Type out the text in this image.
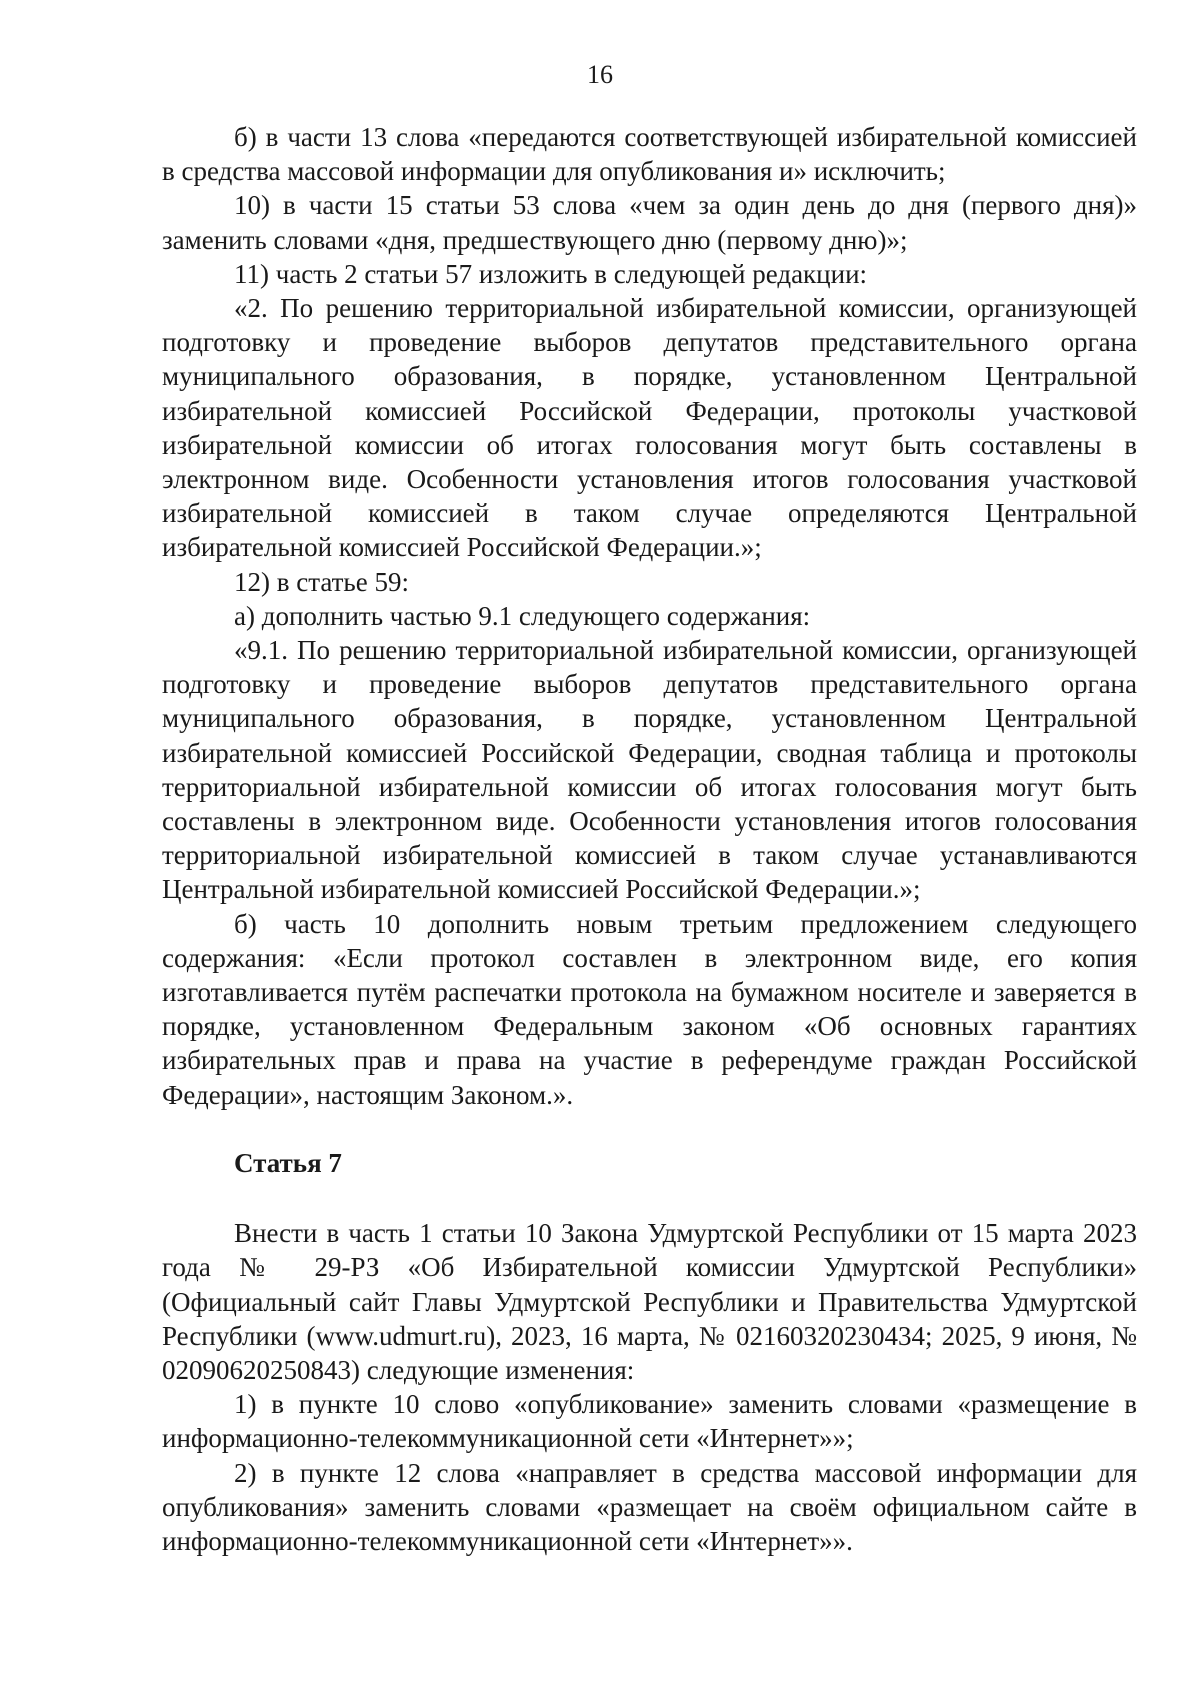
16

б) в части 13 слова «передаются соответствующей избирательной комиссией в средства массовой информации для опубликования и» исключить;

10) в части 15 статьи 53 слова «чем за один день до дня (первого дня)» заменить словами «дня, предшествующего дню (первому дню)»;

11) часть 2 статьи 57 изложить в следующей редакции:

«2. По решению территориальной избирательной комиссии, организующей подготовку и проведение выборов депутатов представительного органа муниципального образования, в порядке, установленном Центральной избирательной комиссией Российской Федерации, протоколы участковой избирательной комиссии об итогах голосования могут быть составлены в электронном виде. Особенности установления итогов голосования участковой избирательной комиссией в таком случае определяются Центральной избирательной комиссией Российской Федерации.»;

12) в статье 59:

а) дополнить частью 9.1 следующего содержания:

«9.1. По решению территориальной избирательной комиссии, организующей подготовку и проведение выборов депутатов представительного органа муниципального образования, в порядке, установленном Центральной избирательной комиссией Российской Федерации, сводная таблица и протоколы территориальной избирательной комиссии об итогах голосования могут быть составлены в электронном виде. Особенности установления итогов голосования территориальной избирательной комиссией в таком случае устанавливаются Центральной избирательной комиссией Российской Федерации.»;

б) часть 10 дополнить новым третьим предложением следующего содержания: «Если протокол составлен в электронном виде, его копия изготавливается путём распечатки протокола на бумажном носителе и заверяется в порядке, установленном Федеральным законом «Об основных гарантиях избирательных прав и права на участие в референдуме граждан Российской Федерации», настоящим Законом.».

Статья 7

Внести в часть 1 статьи 10 Закона Удмуртской Республики от 15 марта 2023 года № 29-РЗ «Об Избирательной комиссии Удмуртской Республики» (Официальный сайт Главы Удмуртской Республики и Правительства Удмуртской Республики (www.udmurt.ru), 2023, 16 марта, № 02160320230434; 2025, 9 июня, № 02090620250843) следующие изменения:

1) в пункте 10 слово «опубликование» заменить словами «размещение в информационно-телекоммуникационной сети «Интернет»»;

2) в пункте 12 слова «направляет в средства массовой информации для опубликования» заменить словами «размещает на своём официальном сайте в информационно-телекоммуникационной сети «Интернет»».
